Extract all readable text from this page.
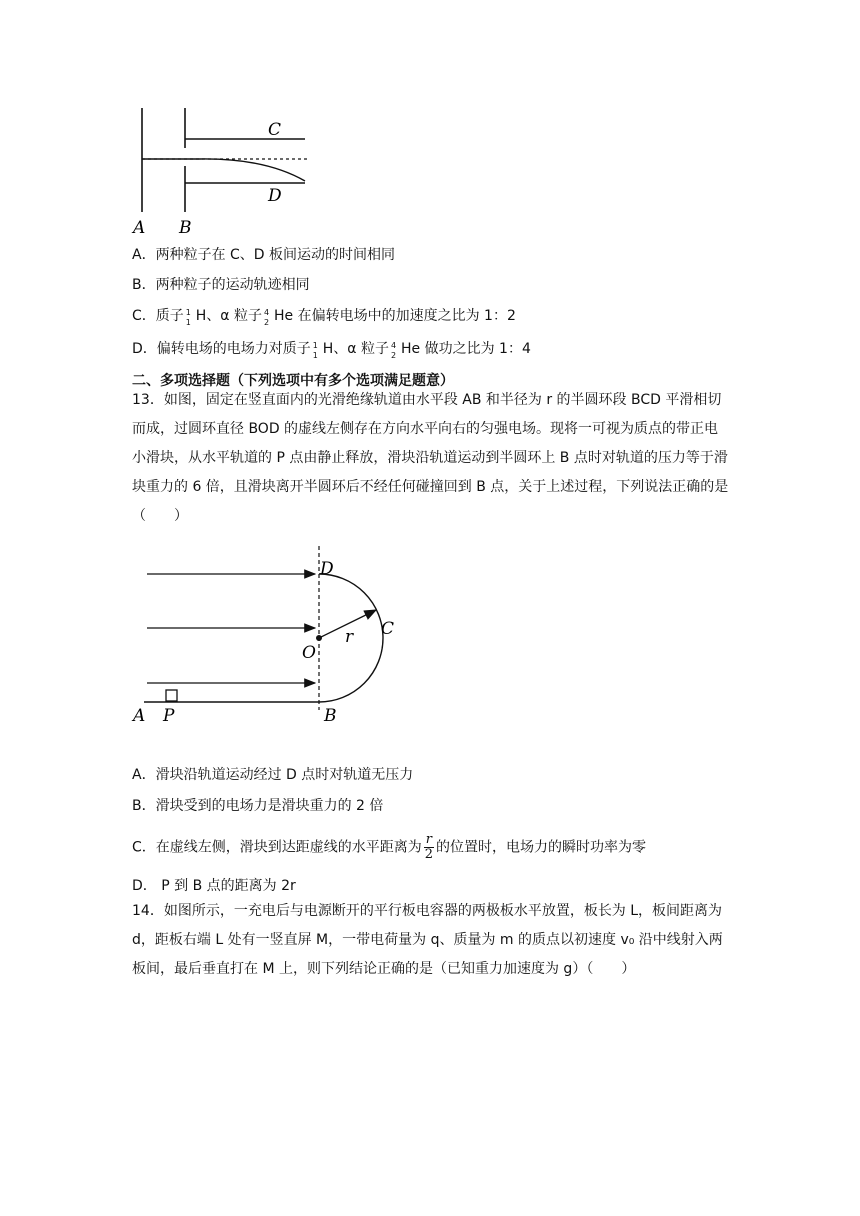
C
D
A B
A．两种粒子在 C、D 板间运动的时间相同
B．两种粒子的运动轨迹相同
C．质子 1
1 H、α 粒子 4
2 He 在偏转电场中的加速度之比为 1：2
D．偏转电场的电场力对质子 1
1 H、α 粒子 4
2 He 做功之比为 1：4
二、多项选择题（下列选项中有多个选项满足题意）
13．如图，固定在竖直面内的光滑绝缘轨道由水平段 AB 和半径为 r 的半圆环段 BCD 平滑相切而成，过圆环直径 BOD 的虚线左侧存在方向水平向右的匀强电场。现将一可视为质点的带正电小滑块，从水平轨道的 P 点由静止释放，滑块沿轨道运动到半圆环上 B 点时对轨道的压力等于滑块重力的 6 倍，且滑块离开半圆环后不经任何碰撞回到 B 点，关于上述过程，下列说法正确的是（　　）
D
C
r
O
A P	B
A．滑块沿轨道运动经过 D 点时对轨道无压力
B．滑块受到的电场力是滑块重力的 2 倍
C．在虚线左侧，滑块到达距虚线的水平距离为 $\frac{r}{2}$ 的位置时，电场力的瞬时功率为零
D． P 到 B 点的距离为 2r
14．如图所示，一充电后与电源断开的平行板电容器的两极板水平放置，板长为 L，板间距离为 d，距板右端 L 处有一竖直屏 M，一带电荷量为 q、质量为 m 的质点以初速度 v₀ 沿中线射入两板间，最后垂直打在 M 上，则下列结论正确的是（已知重力加速度为 g）（　　）
